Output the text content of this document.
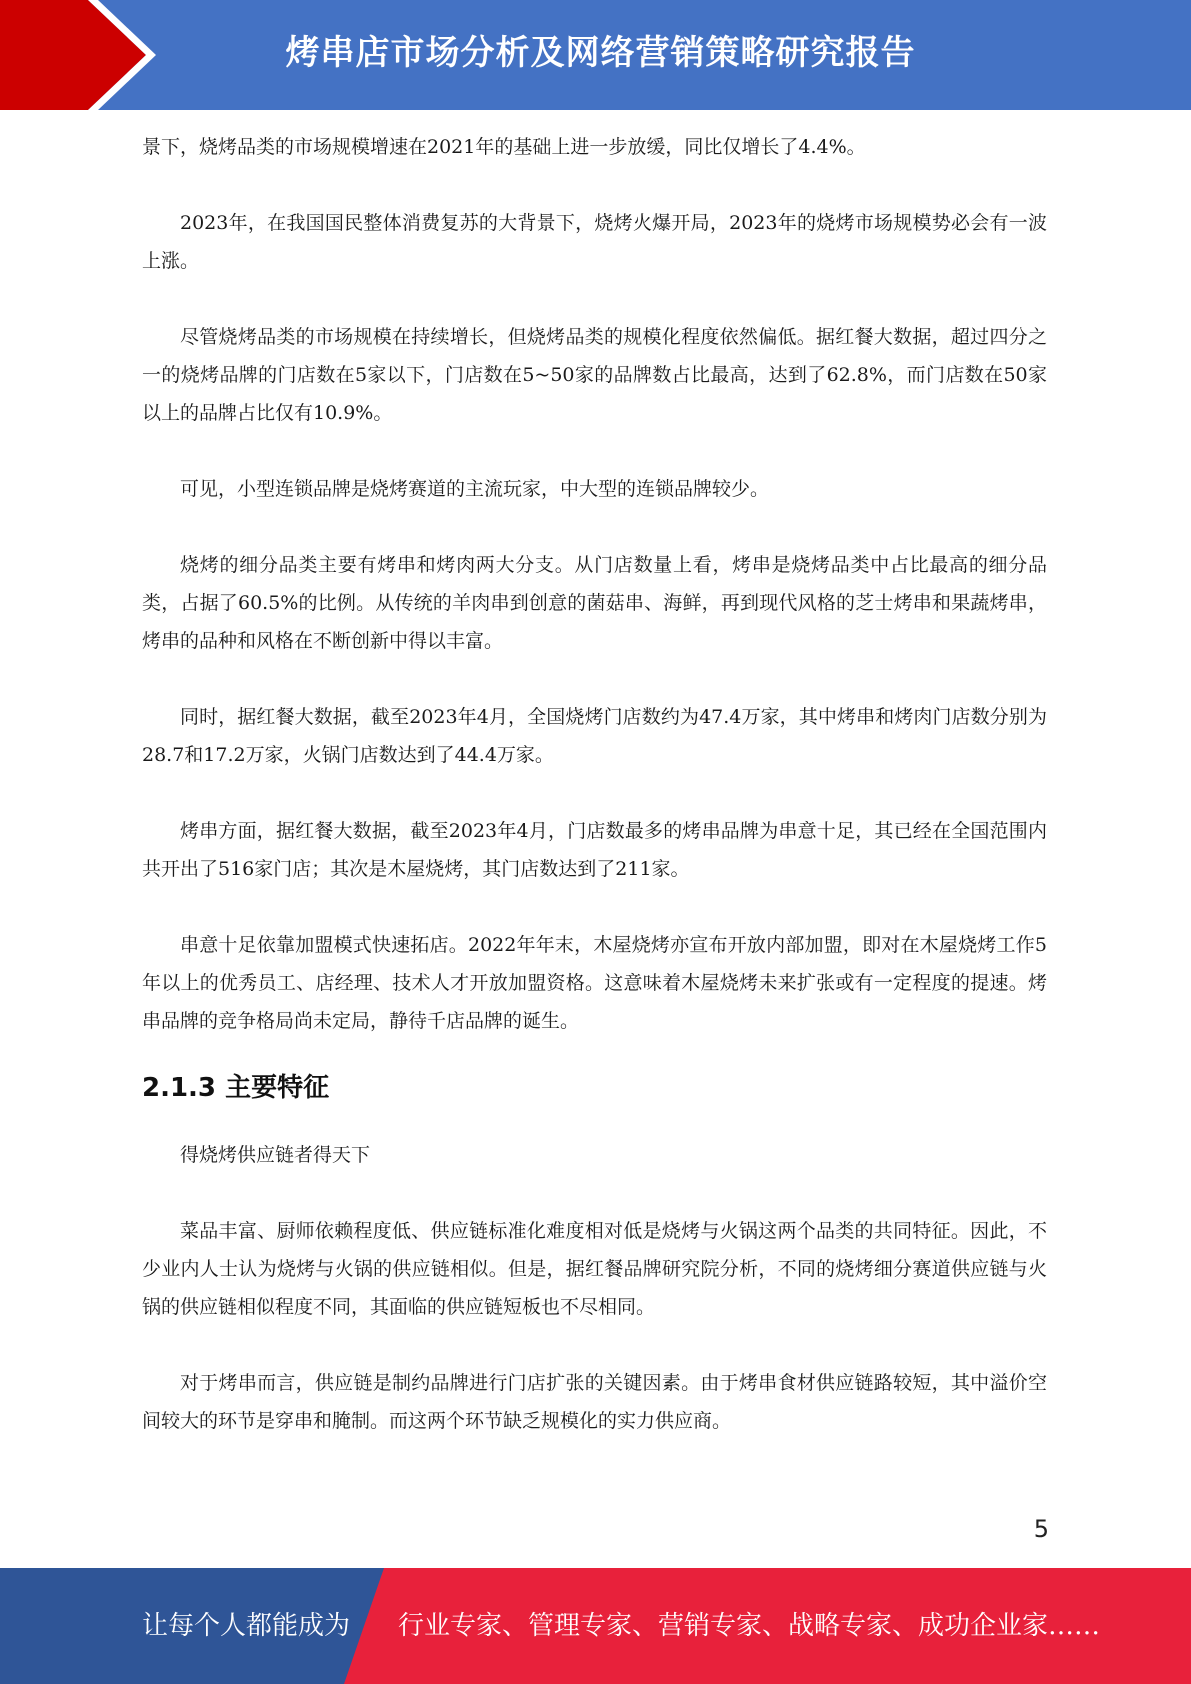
烤串店市场分析及网络营销策略研究报告

景下，烧烤品类的市场规模增速在2021年的基础上进一步放缓，同比仅增长了4.4%。

2023年，在我国国民整体消费复苏的大背景下，烧烤火爆开局，2023年的烧烤市场规模势必会有一波上涨。

尽管烧烤品类的市场规模在持续增长，但烧烤品类的规模化程度依然偏低。据红餐大数据，超过四分之一的烧烤品牌的门店数在5家以下，门店数在5~50家的品牌数占比最高，达到了62.8%，而门店数在50家以上的品牌占比仅有10.9%。

可见，小型连锁品牌是烧烤赛道的主流玩家，中大型的连锁品牌较少。

烧烤的细分品类主要有烤串和烤肉两大分支。从门店数量上看，烤串是烧烤品类中占比最高的细分品类，占据了60.5%的比例。从传统的羊肉串到创意的菌菇串、海鲜，再到现代风格的芝士烤串和果蔬烤串，烤串的品种和风格在不断创新中得以丰富。

同时，据红餐大数据，截至2023年4月，全国烧烤门店数约为47.4万家，其中烤串和烤肉门店数分别为28.7和17.2万家，火锅门店数达到了44.4万家。

烤串方面，据红餐大数据，截至2023年4月，门店数最多的烤串品牌为串意十足，其已经在全国范围内共开出了516家门店；其次是木屋烧烤，其门店数达到了211家。

串意十足依靠加盟模式快速拓店。2022年年末，木屋烧烤亦宣布开放内部加盟，即对在木屋烧烤工作5年以上的优秀员工、店经理、技术人才开放加盟资格。这意味着木屋烧烤未来扩张或有一定程度的提速。烤串品牌的竞争格局尚未定局，静待千店品牌的诞生。

2.1.3 主要特征

得烧烤供应链者得天下

菜品丰富、厨师依赖程度低、供应链标准化难度相对低是烧烤与火锅这两个品类的共同特征。因此，不少业内人士认为烧烤与火锅的供应链相似。但是，据红餐品牌研究院分析，不同的烧烤细分赛道供应链与火锅的供应链相似程度不同，其面临的供应链短板也不尽相同。

对于烤串而言，供应链是制约品牌进行门店扩张的关键因素。由于烤串食材供应链路较短，其中溢价空间较大的环节是穿串和腌制。而这两个环节缺乏规模化的实力供应商。

5
让每个人都能成为 行业专家、管理专家、营销专家、战略专家、成功企业家……
